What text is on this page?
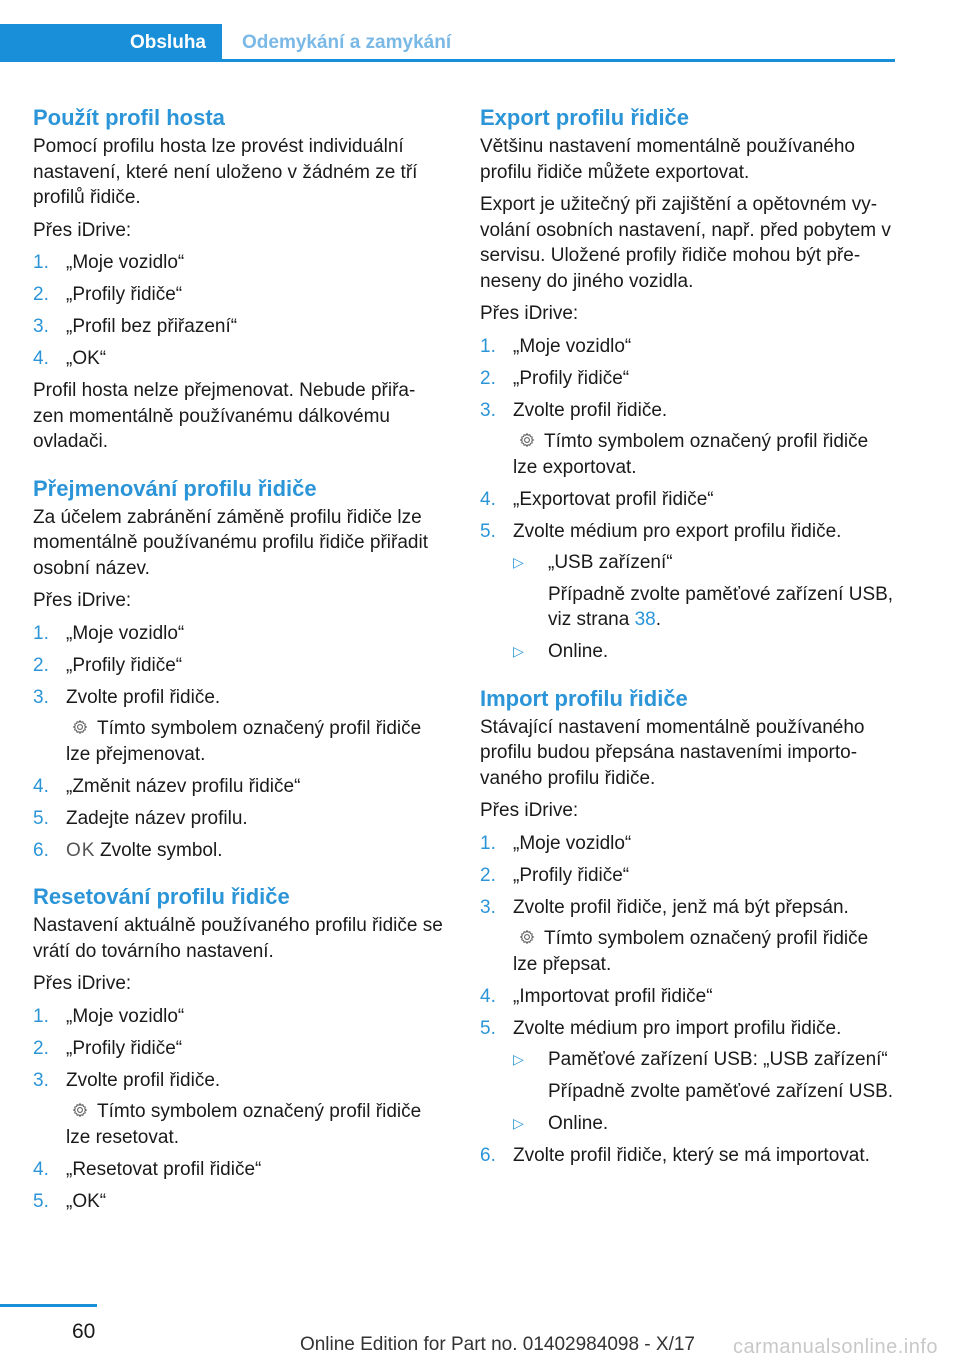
Obsluha	Odemykání a zamykání
Použít profil hosta

Pomocí profilu hosta lze provést individuální nastavení, které není uloženo v žádném ze tří profilů řidiče.

Přes iDrive:

1. „Moje vozidlo“
2. „Profily řidiče“
3. „Profil bez přiřazení“
4. „OK“

Profil hosta nelze přejmenovat. Nebude přiřa- zen momentálně používanému dálkovému ovladači.

Přejmenování profilu řidiče

Za účelem zabránění záměně profilu řidiče lze momentálně používanému profilu řidiče přiřadit osobní název.

Přes iDrive:

1. „Moje vozidlo“
2. „Profily řidiče“
3. Zvolte profil řidiče.
Tímto symbolem označený profil řidiče lze přejmenovat.
4. „Změnit název profilu řidiče“
5. Zadejte název profilu.
6. OK Zvolte symbol.
Resetování profilu řidiče

Nastavení aktuálně používaného profilu řidiče se vrátí do továrního nastavení.

Přes iDrive:

1. „Moje vozidlo“
2. „Profily řidiče“
3. Zvolte profil řidiče.
Tímto symbolem označený profil řidiče lze resetovat.
4. „Resetovat profil řidiče“
5. „OK“
Export profilu řidiče

Většinu nastavení momentálně používaného profilu řidiče můžete exportovat.

Export je užitečný při zajištění a opětovném vy- volání osobních nastavení, např. před pobytem v servisu. Uložené profily řidiče mohou být pře- neseny do jiného vozidla.

Přes iDrive:

1. „Moje vozidlo“
2. „Profily řidiče“
3. Zvolte profil řidiče.
Tímto symbolem označený profil řidiče lze exportovat.
4. „Exportovat profil řidiče“
5. Zvolte médium pro export profilu řidiče.
▷ „USB zařízení“
Případně zvolte paměťové zařízení USB, viz strana 38.
▷ Online.
Import profilu řidiče

Stávající nastavení momentálně používaného profilu budou přepsána nastaveními importo- vaného profilu řidiče.

Přes iDrive:

1. „Moje vozidlo“
2. „Profily řidiče“
3. Zvolte profil řidiče, jenž má být přepsán.
Tímto symbolem označený profil řidiče lze přepsat.
4. „Importovat profil řidiče“
5. Zvolte médium pro import profilu řidiče.
▷ Paměťové zařízení USB: „USB zařízení“
Případně zvolte paměťové zařízení USB.
▷ Online.
6. Zvolte profil řidiče, který se má importovat.
60
Online Edition for Part no. 01402984098 - X/17 carmanualsonline.info
